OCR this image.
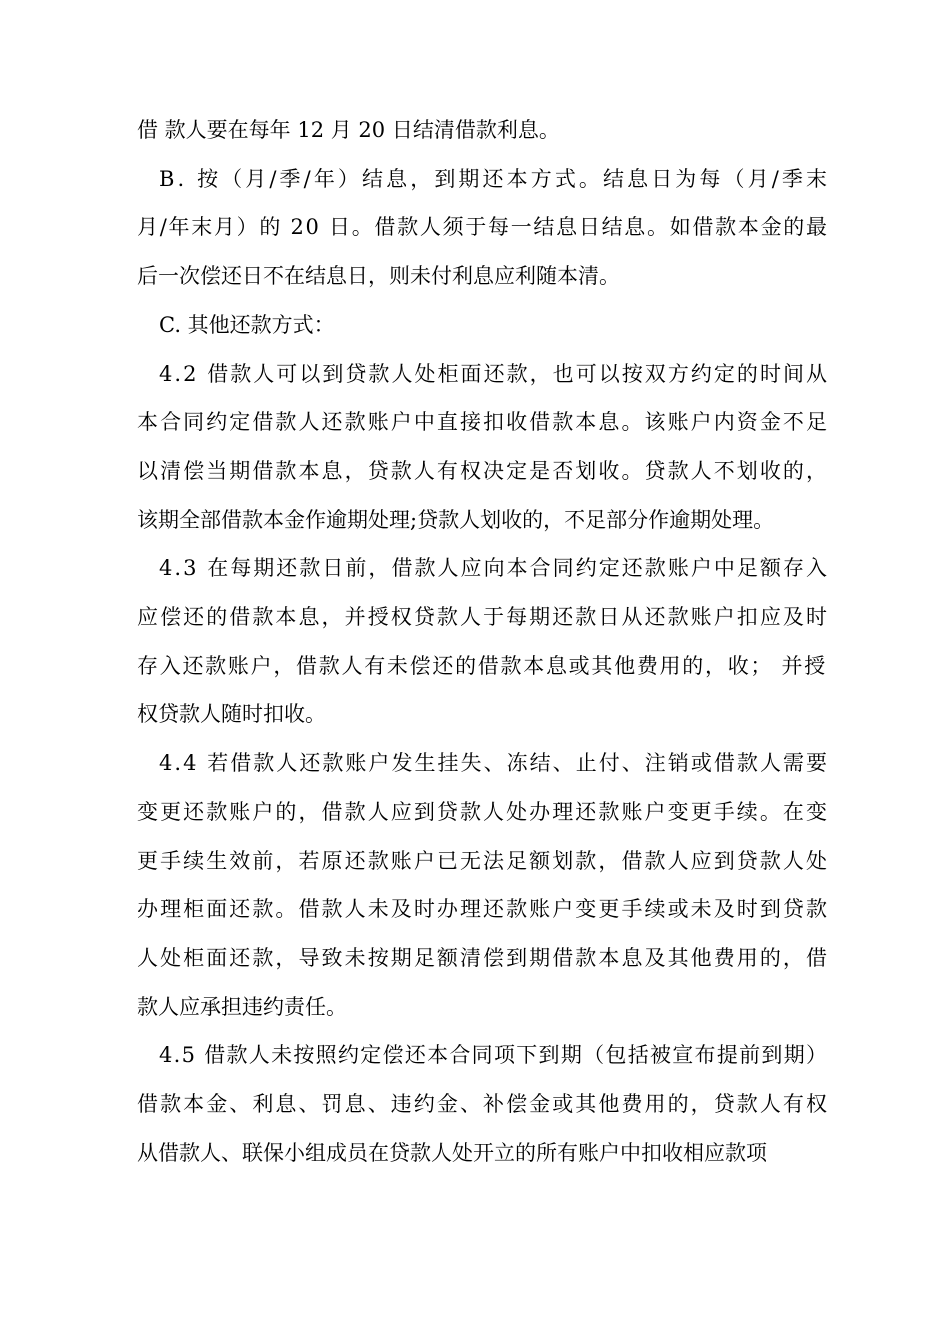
借 款人要在每年 12 月 20 日结清借款利息。
B. 按（月/季/年）结息，到期还本方式。结息日为每（月/季末
月/年末月）的 20 日。借款人须于每一结息日结息。如借款本金的最
后一次偿还日不在结息日，则未付利息应利随本清。
C. 其他还款方式：
4.2 借款人可以到贷款人处柜面还款，也可以按双方约定的时间从
本合同约定借款人还款账户中直接扣收借款本息。该账户内资金不足
以清偿当期借款本息，贷款人有权决定是否划收。贷款人不划收的，
该期全部借款本金作逾期处理;贷款人划收的，不足部分作逾期处理。
4.3 在每期还款日前，借款人应向本合同约定还款账户中足额存入
应偿还的借款本息，并授权贷款人于每期还款日从还款账户扣应及时
存入还款账户，借款人有未偿还的借款本息或其他费用的，收； 并授
权贷款人随时扣收。
4.4 若借款人还款账户发生挂失、冻结、止付、注销或借款人需要
变更还款账户的，借款人应到贷款人处办理还款账户变更手续。在变
更手续生效前，若原还款账户已无法足额划款，借款人应到贷款人处
办理柜面还款。借款人未及时办理还款账户变更手续或未及时到贷款
人处柜面还款，导致未按期足额清偿到期借款本息及其他费用的，借
款人应承担违约责任。
4.5 借款人未按照约定偿还本合同项下到期（包括被宣布提前到期）
借款本金、利息、罚息、违约金、补偿金或其他费用的，贷款人有权
从借款人、联保小组成员在贷款人处开立的所有账户中扣收相应款项
